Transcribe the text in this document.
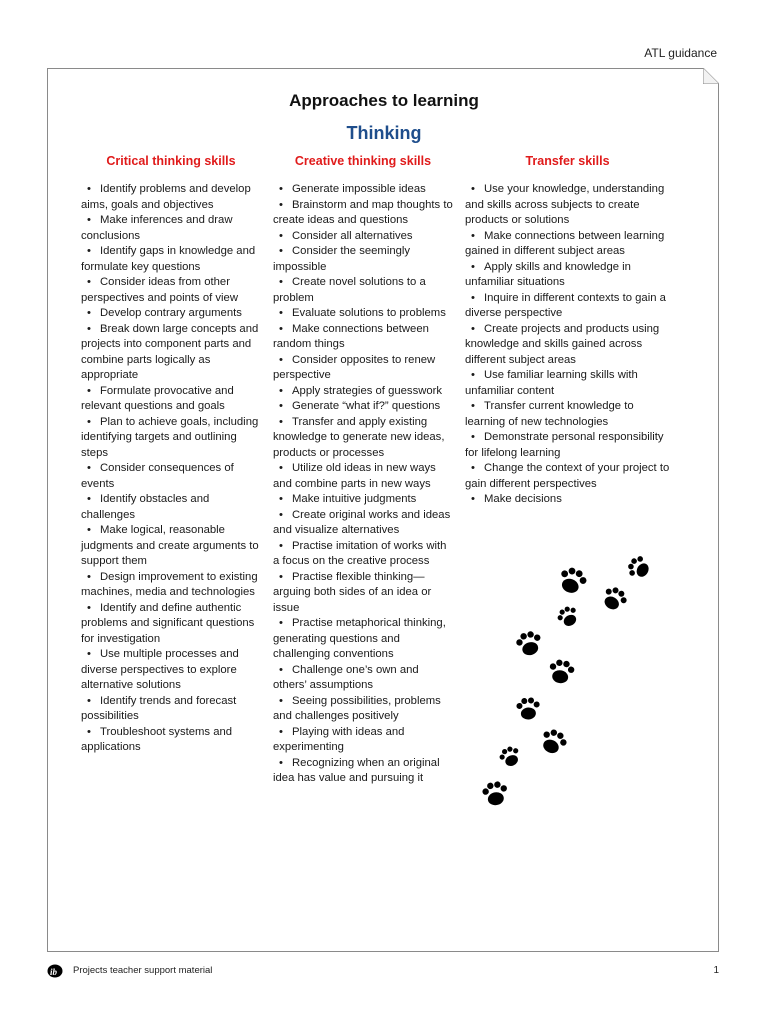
ATL guidance
Approaches to learning
Thinking
Critical thinking skills
• Identify problems and develop aims, goals and objectives
• Make inferences and draw conclusions
• Identify gaps in knowledge and formulate key questions
• Consider ideas from other perspectives and points of view
• Develop contrary arguments
• Break down large concepts and projects into component parts and combine parts logically as appropriate
• Formulate provocative and relevant questions and goals
• Plan to achieve goals, including identifying targets and outlining steps
• Consider consequences of events
• Identify obstacles and challenges
• Make logical, reasonable judgments and create arguments to support them
• Design improvement to existing machines, media and technologies
• Identify and define authentic problems and significant questions for investigation
• Use multiple processes and diverse perspectives to explore alternative solutions
• Identify trends and forecast possibilities
• Troubleshoot systems and applications
Creative thinking skills
• Generate impossible ideas
• Brainstorm and map thoughts to create ideas and questions
• Consider all alternatives
• Consider the seemingly impossible
• Create novel solutions to a problem
• Evaluate solutions to problems
• Make connections between random things
• Consider opposites to renew perspective
• Apply strategies of guesswork
• Generate “what if?” questions
• Transfer and apply existing knowledge to generate new ideas, products or processes
• Utilize old ideas in new ways and combine parts in new ways
• Make intuitive judgments
• Create original works and ideas and visualize alternatives
• Practise imitation of works with a focus on the creative process
• Practise flexible thinking—arguing both sides of an idea or issue
• Practise metaphorical thinking, generating questions and challenging conventions
• Challenge one’s own and others’ assumptions
• Seeing possibilities, problems and challenges positively
• Playing with ideas and experimenting
• Recognizing when an original idea has value and pursuing it
Transfer skills
• Use your knowledge, understanding and skills across subjects to create products or solutions
• Make connections between learning gained in different subject areas
• Apply skills and knowledge in unfamiliar situations
• Inquire in different contexts to gain a diverse perspective
• Create projects and products using knowledge and skills gained across different subject areas
• Use familiar learning skills with unfamiliar content
• Transfer current knowledge to learning of new technologies
• Demonstrate personal responsibility for lifelong learning
• Change the context of your project to gain different perspectives
• Make decisions
ib Projects teacher support material	1
